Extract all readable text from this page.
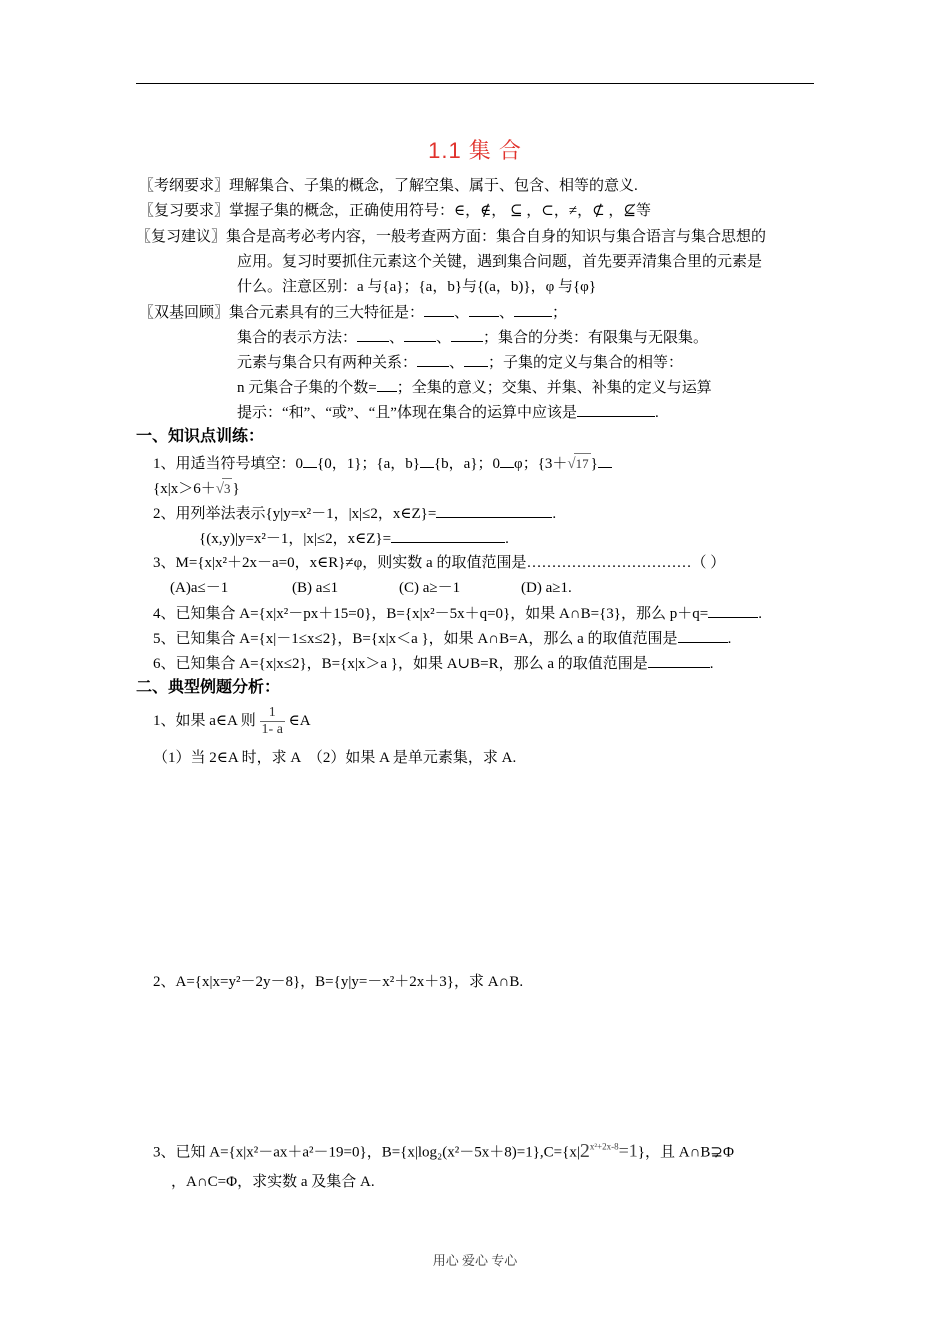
1.1 集 合
〖考纲要求〗理解集合、子集的概念，了解空集、属于、包含、相等的意义.
〖复习要求〗掌握子集的概念，正确使用符号：∈，∉， ⊆ ，⊂，≠，⊄ ，⊈等
〖复习建议〗集合是高考必考内容，一般考查两方面：集合自身的知识与集合语言与集合思想的
应用。复习时要抓住元素这个关键，遇到集合问题，首先要弄清集合里的元素是
什么。注意区别：a 与{a}；{a，b}与{(a，b)}，φ 与{φ}
〖双基回顾〗集合元素具有的三大特征是： 、 、	；
集合的表示方法： 、 、 ；集合的分类：有限集与无限集。
元素与集合只有两种关系： 、 ；子集的定义与集合的相等：
n 元集合子集的个数= ；全集的意义；交集、并集、补集的定义与运算
提示：“和”、“或”、“且”体现在集合的运算中应该是	.
一、知识点训练：
1、用适当符号填空：0 {0，1}；{a，b} {b，a}；0 φ；{3＋√17 }
{x|x＞6＋√3 }
2、用列举法表示{y|y=x²－1，|x|≤2，x∈Z}=	.
{(x,y)|y=x²－1，|x|≤2，x∈Z}=	.
3、M={x|x²＋2x－a=0，x∈R}≠φ，则实数 a 的取值范围是……………………………（ ）
(A)a≤－1	(B) a≤1	(C) a≥－1	(D) a≥1.
4、已知集合 A={x|x²－px＋15=0}，B={x|x²－5x＋q=0}，如果 A∩B={3}，那么 p＋q=	.
5、已知集合 A={x|－1≤x≤2}，B={x|x＜a }，如果 A∩B=A，那么 a 的取值范围是	.
6、已知集合 A={x|x≤2}，B={x|x＞a }，如果 A∪B=R，那么 a 的取值范围是	.
二、典型例题分析：
1、如果 a∈A 则 $\frac{1}{1- a}$ ∈A
（1）当 2∈A 时，求 A　（2）如果 A 是单元素集，求 A.
2、A={x|x=y²－2y－8}，B={y|y=－x²＋2x＋3}，求 A∩B.
3、已知 A={x|x²－ax＋a²－19=0}，$B=\{x|\log_2(x^2-5x+8)=1\},C=\{x|2^{x^2+2x-8}=1\}$，且 A∩B⊋Φ
，A∩C=Φ，求实数 a 及集合 A.
用心 爱心 专心
